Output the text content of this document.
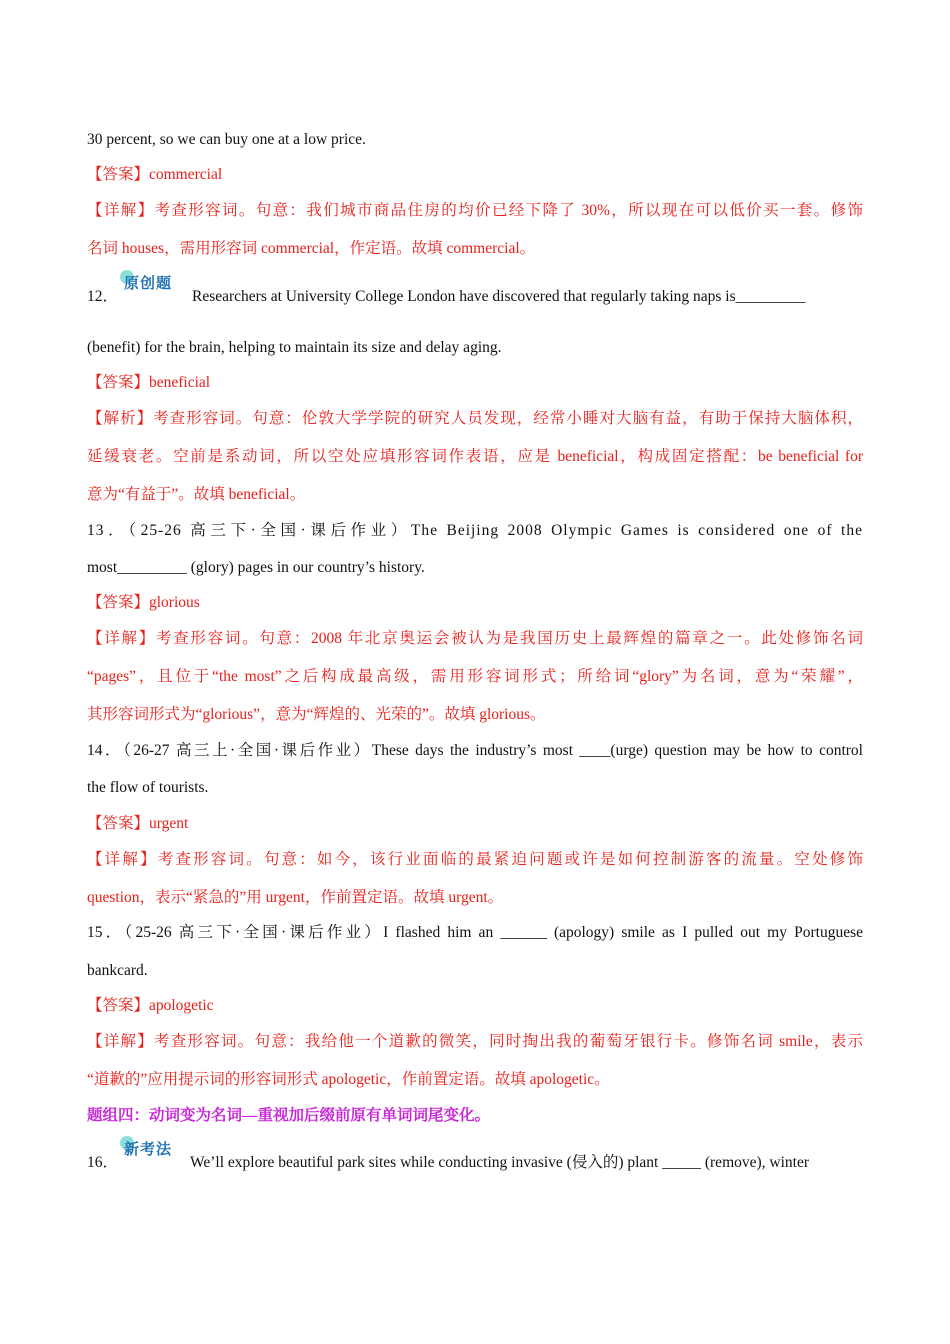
30 percent, so we can buy one at a low price.
【答案】commercial
【详解】考查形容词。句意：我们城市商品住房的均价已经下降了 30%，所以现在可以低价买一套。修饰
名词 houses，需用形容词 commercial，作定语。故填 commercial。
12．
原创题
Researchers at University College London have discovered that regularly taking naps is_________
(benefit) for the brain, helping to maintain its size and delay aging.
【答案】beneficial
【解析】考查形容词。句意：伦敦大学学院的研究人员发现，经常小睡对大脑有益，有助于保持大脑体积，
延缓衰老。空前是系动词，所以空处应填形容词作表语，应是 beneficial，构成固定搭配：be beneficial for
意为“有益于”。故填 beneficial。
13．（25-26 高三下·全国·课后作业）The Beijing 2008 Olympic Games is considered one of the
most_________ (glory) pages in our country’s history.
【答案】glorious
【详解】考查形容词。句意：2008 年北京奥运会被认为是我国历史上最辉煌的篇章之一。此处修饰名词
“pages”，且位于“the most”之后构成最高级，需用形容词形式；所给词“glory”为名词，意为“荣耀”，
其形容词形式为“glorious”，意为“辉煌的、光荣的”。故填 glorious。
14．（26-27 高三上·全国·课后作业）These days the industry’s most ____(urge) question may be how to control
the flow of tourists.
【答案】urgent
【详解】考查形容词。句意：如今，该行业面临的最紧迫问题或许是如何控制游客的流量。空处修饰
question，表示“紧急的”用 urgent，作前置定语。故填 urgent。
15．（25-26 高三下·全国·课后作业）I flashed him an ______ (apology) smile as I pulled out my Portuguese
bankcard.
【答案】apologetic
【详解】考查形容词。句意：我给他一个道歉的微笑，同时掏出我的葡萄牙银行卡。修饰名词 smile，表示
“道歉的”应用提示词的形容词形式 apologetic，作前置定语。故填 apologetic。
题组四：动词变为名词—重视加后缀前原有单词词尾变化。
16．
新考法
We’ll explore beautiful park sites while conducting invasive (侵入的) plant _____ (remove), winter
